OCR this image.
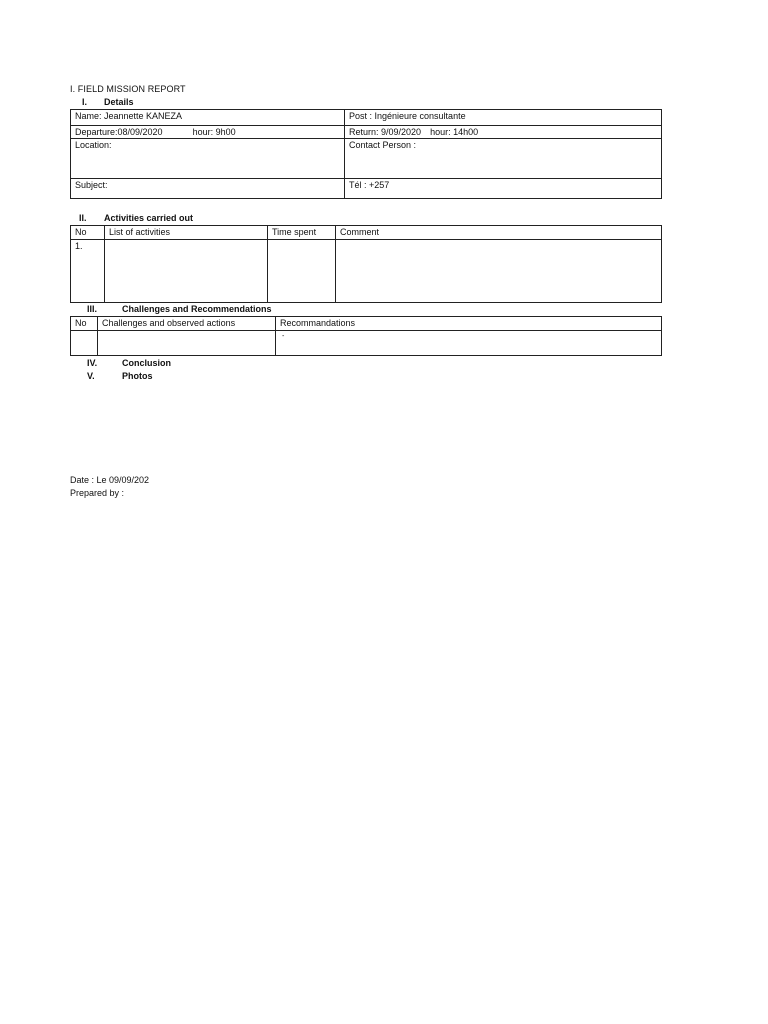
I. FIELD MISSION REPORT
I. Details
Name: Jeannette KANEZA	Post : Ingénieure consultante
Departure:08/09/2020 hour: 9h00	Return: 9/09/2020 hour: 14h00
Location:	Contact Person :
Subject:	Tél : +257
II. Activities carried out
No	List of activities	Time spent	Comment
1.			
III.	Challenges and Recommendations
No	Challenges and observed actions	Recommandations
		-
IV.	Conclusion
V.	Photos
Date : Le 09/09/202
Prepared by :
